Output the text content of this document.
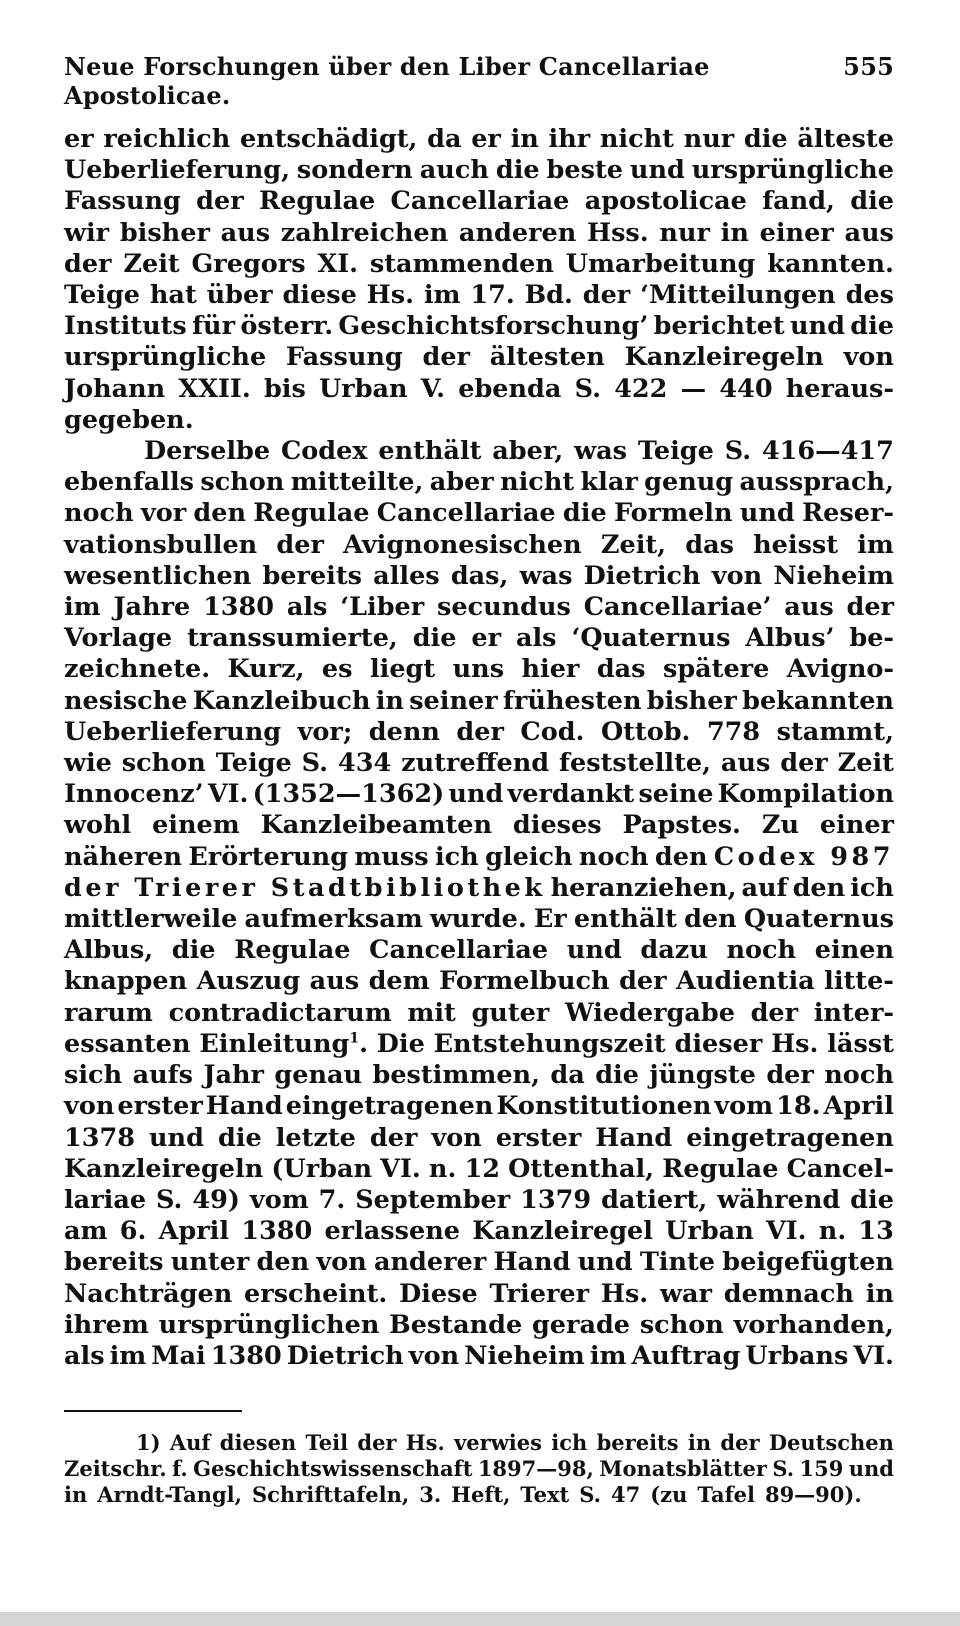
Neue Forschungen über den Liber Cancellariae Apostolicae.
555
er reichlich entschädigt, da er in ihr nicht nur die älteste
Ueberlieferung, sondern auch die beste und ursprüngliche
Fassung der Regulae Cancellariae apostolicae fand, die
wir bisher aus zahlreichen anderen Hss. nur in einer aus
der Zeit Gregors XI. stammenden Umarbeitung kannten.
Teige hat über diese Hs. im 17. Bd. der ‘Mitteilungen des
Instituts für österr. Geschichtsforschung’ berichtet und die
ursprüngliche Fassung der ältesten Kanzleiregeln von
Johann XXII. bis Urban V. ebenda S. 422 — 440 heraus-
gegeben.
Derselbe Codex enthält aber, was Teige S. 416—417
ebenfalls schon mitteilte, aber nicht klar genug aussprach,
noch vor den Regulae Cancellariae die Formeln und Reser-
vationsbullen der Avignonesischen Zeit, das heisst im
wesentlichen bereits alles das, was Dietrich von Nieheim
im Jahre 1380 als ‘Liber secundus Cancellariae’ aus der
Vorlage transsumierte, die er als ‘Quaternus Albus’ be-
zeichnete. Kurz, es liegt uns hier das spätere Avigno-
nesische Kanzleibuch in seiner frühesten bisher bekannten
Ueberlieferung vor; denn der Cod. Ottob. 778 stammt,
wie schon Teige S. 434 zutreffend feststellte, aus der Zeit
Innocenz’ VI. (1352—1362) und verdankt seine Kompilation
wohl einem Kanzleibeamten dieses Papstes. Zu einer
näheren Erörterung muss ich gleich noch den Codex 987
der Trierer Stadtbibliothek heranziehen, auf den ich
mittlerweile aufmerksam wurde. Er enthält den Quaternus
Albus, die Regulae Cancellariae und dazu noch einen
knappen Auszug aus dem Formelbuch der Audientia litte-
rarum contradictarum mit guter Wiedergabe der inter-
essanten Einleitung$^1$. Die Entstehungszeit dieser Hs. lässt
sich aufs Jahr genau bestimmen, da die jüngste der noch
von erster Hand eingetragenen Konstitutionen vom 18. April
1378 und die letzte der von erster Hand eingetragenen
Kanzleiregeln (Urban VI. n. 12 Ottenthal, Regulae Cancel-
lariae S. 49) vom 7. September 1379 datiert, während die
am 6. April 1380 erlassene Kanzleiregel Urban VI. n. 13
bereits unter den von anderer Hand und Tinte beigefügten
Nachträgen erscheint. Diese Trierer Hs. war demnach in
ihrem ursprünglichen Bestande gerade schon vorhanden,
als im Mai 1380 Dietrich von Nieheim im Auftrag Urbans VI.
1) Auf diesen Teil der Hs. verwies ich bereits in der Deutschen
Zeitschr. f. Geschichtswissenschaft 1897—98, Monatsblätter S. 159 und
in Arndt-Tangl, Schrifttafeln, 3. Heft, Text S. 47 (zu Tafel 89—90).
